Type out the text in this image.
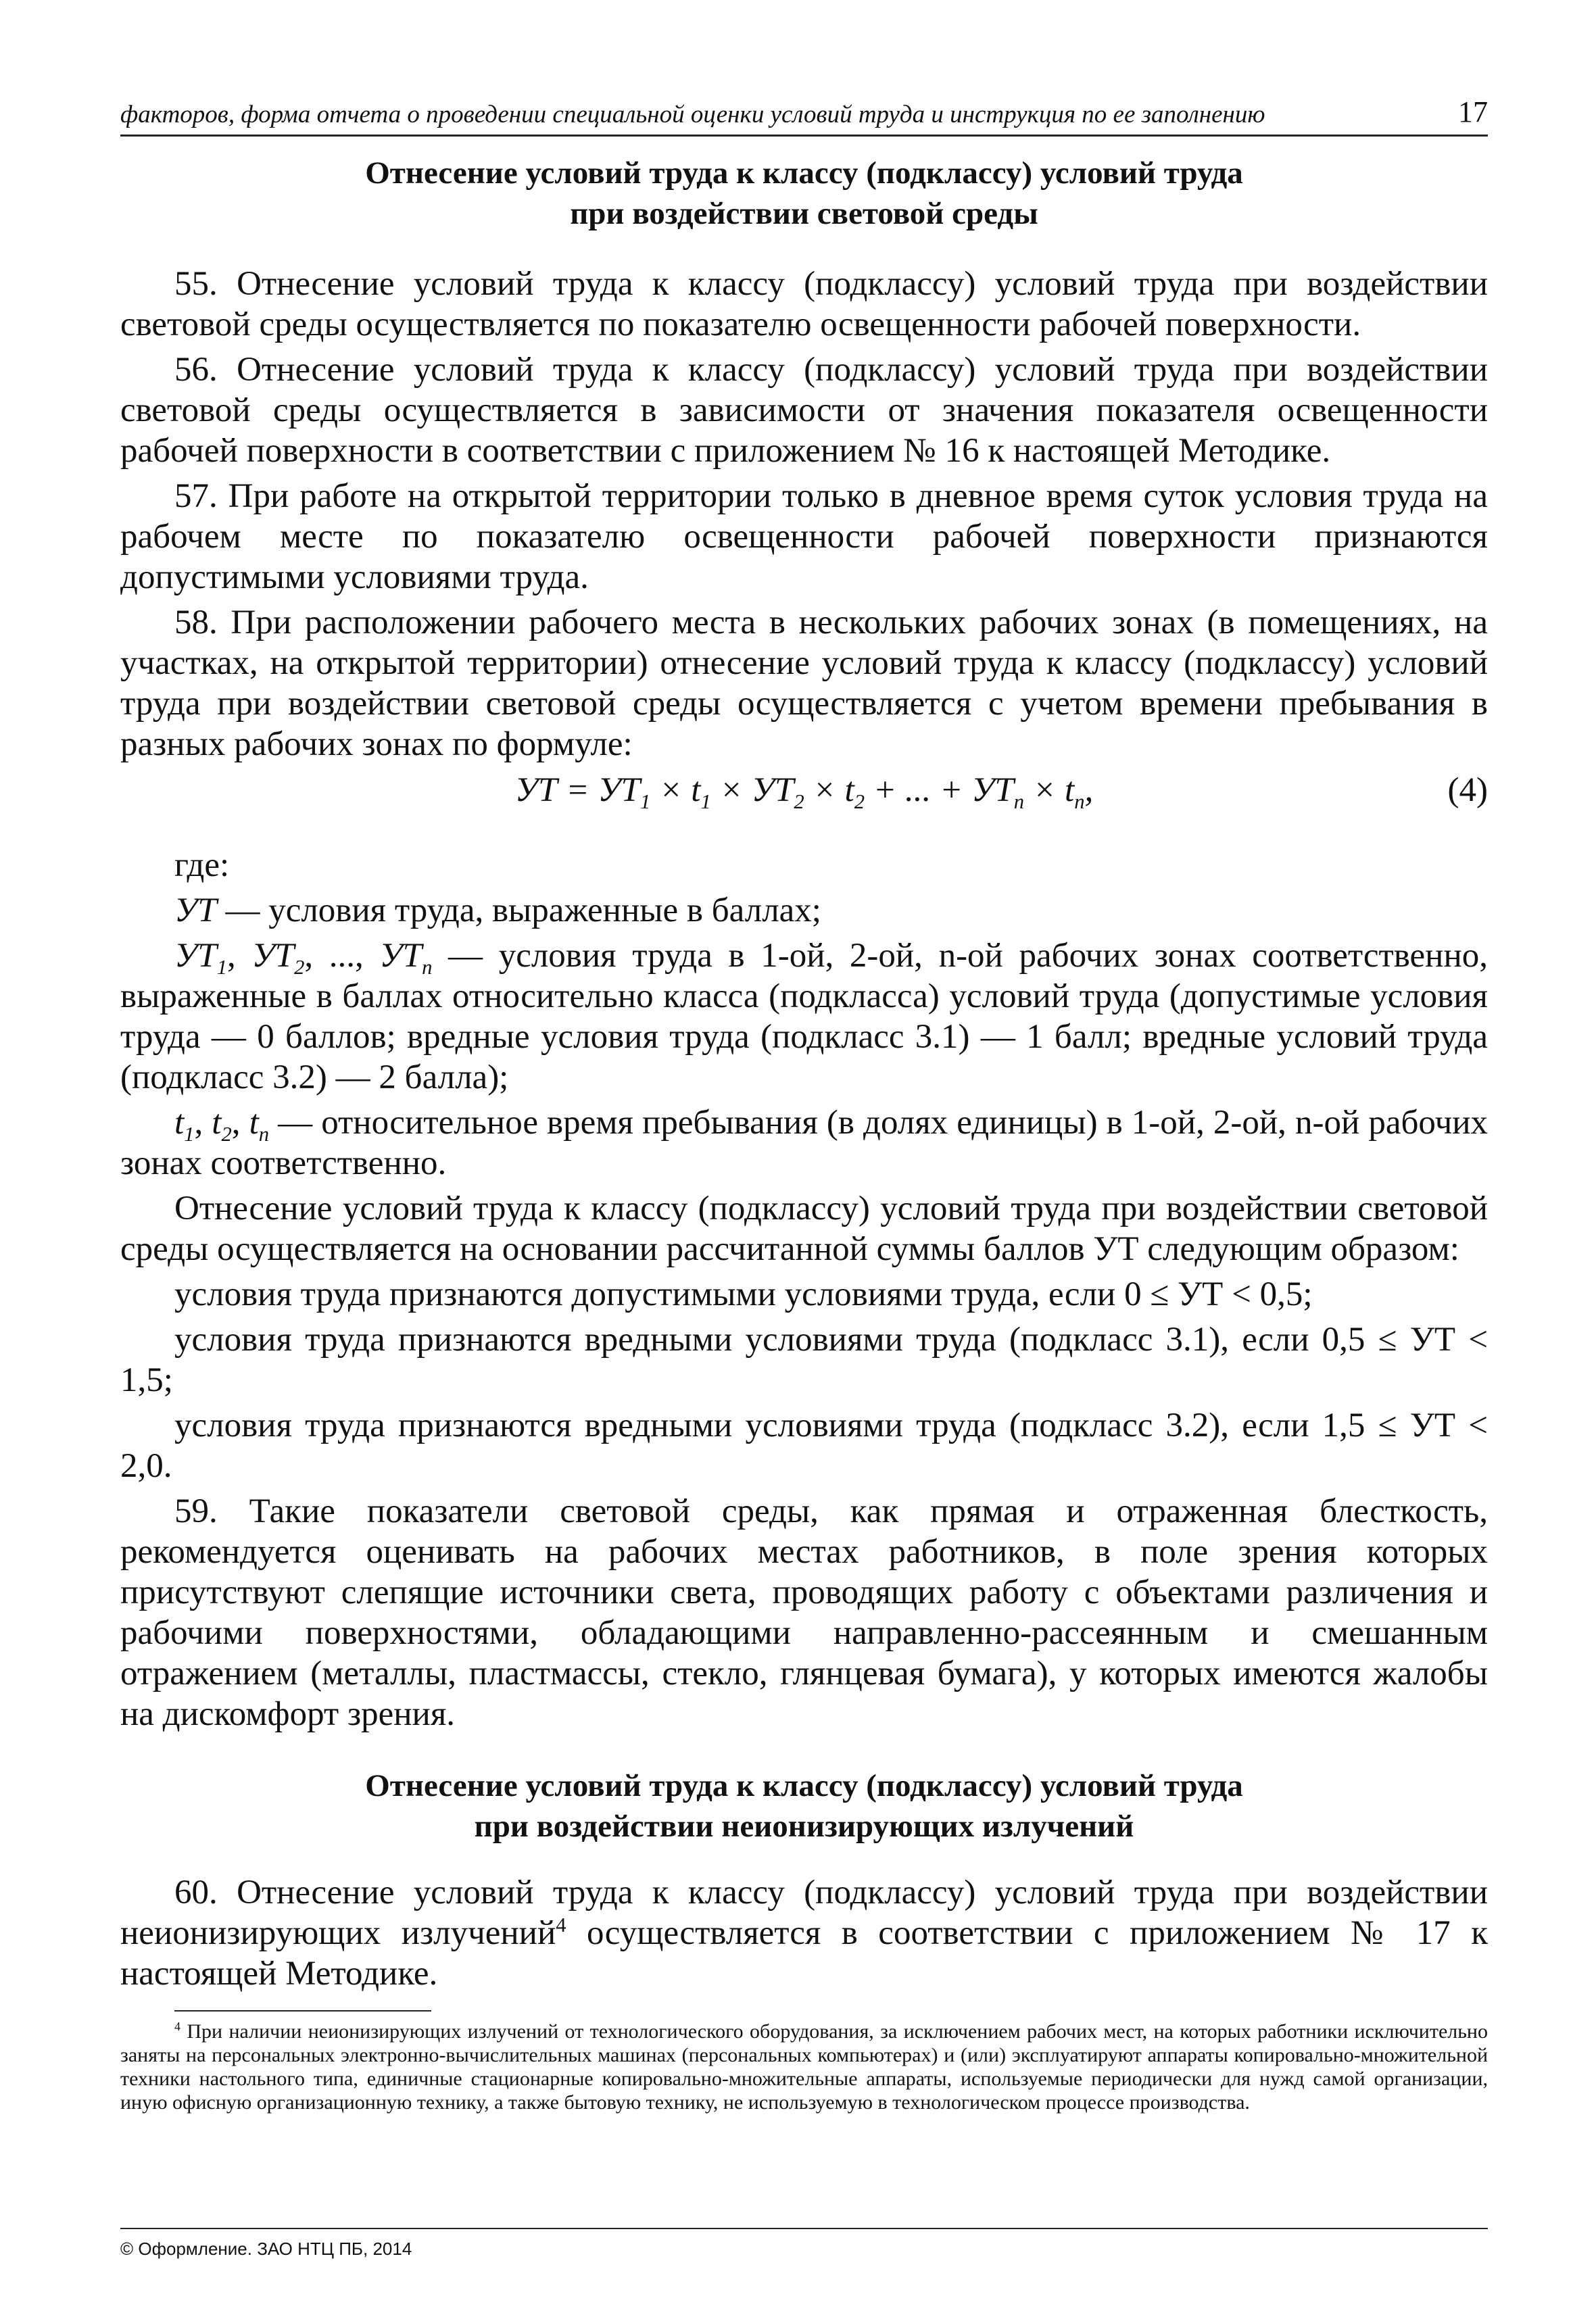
факторов, форма отчета о проведении специальной оценки условий труда и инструкция по ее заполнению	17
Отнесение условий труда к классу (подклассу) условий труда
при воздействии световой среды

55. Отнесение условий труда к классу (подклассу) условий труда при воздействии световой среды осуществляется по показателю освещенности рабочей поверхности.

56. Отнесение условий труда к классу (подклассу) условий труда при воздействии световой среды осуществляется в зависимости от значения показателя освещенности рабочей поверхности в соответствии с приложением № 16 к настоящей Методике.

57. При работе на открытой территории только в дневное время суток условия труда на рабочем месте по показателю освещенности рабочей поверхности признаются допустимыми условиями труда.

58. При расположении рабочего места в нескольких рабочих зонах (в помещениях, на участках, на открытой территории) отнесение условий труда к классу (подклассу) условий труда при воздействии световой среды осуществляется с учетом времени пребывания в разных рабочих зонах по формуле:

УТ = $УТ_1 \times t_1 \times УТ_2 \times t_2$ + ... + $УТ_n \times t_n$,	(4)

где:

УТ — условия труда, выраженные в баллах;

$УТ_1$, $УТ_2$, ..., $УТ_n$ — условия труда в 1-ой, 2-ой, n-ой рабочих зонах соответственно, выраженные в баллах относительно класса (подкласса) условий труда (допустимые условия труда — 0 баллов; вредные условия труда (подкласс 3.1) — 1 балл; вредные условий труда (подкласс 3.2) — 2 балла);

$t_1$, $t_2$, $t_n$ — относительное время пребывания (в долях единицы) в 1-ой, 2-ой, n-ой рабочих зонах соответственно.

Отнесение условий труда к классу (подклассу) условий труда при воздействии световой среды осуществляется на основании рассчитанной суммы баллов УТ следующим образом:

условия труда признаются допустимыми условиями труда, если 0 ≤ УТ < 0,5;

условия труда признаются вредными условиями труда (подкласс 3.1), если 0,5 ≤ УТ < 1,5;

условия труда признаются вредными условиями труда (подкласс 3.2), если 1,5 ≤ УТ < 2,0.

59. Такие показатели световой среды, как прямая и отраженная блесткость, рекомендуется оценивать на рабочих местах работников, в поле зрения которых присутствуют слепящие источники света, проводящих работу с объектами различения и рабочими поверхностями, обладающими направленно-рассеянным и смешанным отражением (металлы, пластмассы, стекло, глянцевая бумага), у которых имеются жалобы на дискомфорт зрения.

Отнесение условий труда к классу (подклассу) условий труда
при воздействии неионизирующих излучений

60. Отнесение условий труда к классу (подклассу) условий труда при воздействии неионизирующих излучений$^4$ осуществляется в соответствии с приложением № 17 к настоящей Методике.

$^4$ При наличии неионизирующих излучений от технологического оборудования, за исключением рабочих мест, на которых работники исключительно заняты на персональных электронно-вычислительных машинах (персональных компьютерах) и (или) эксплуатируют аппараты копировально-множительной техники настольного типа, единичные стационарные копировально-множительные аппараты, используемые периодически для нужд самой организации, иную офисную организационную технику, а также бытовую технику, не используемую в технологическом процессе производства.

© Оформление. ЗАО НТЦ ПБ, 2014
